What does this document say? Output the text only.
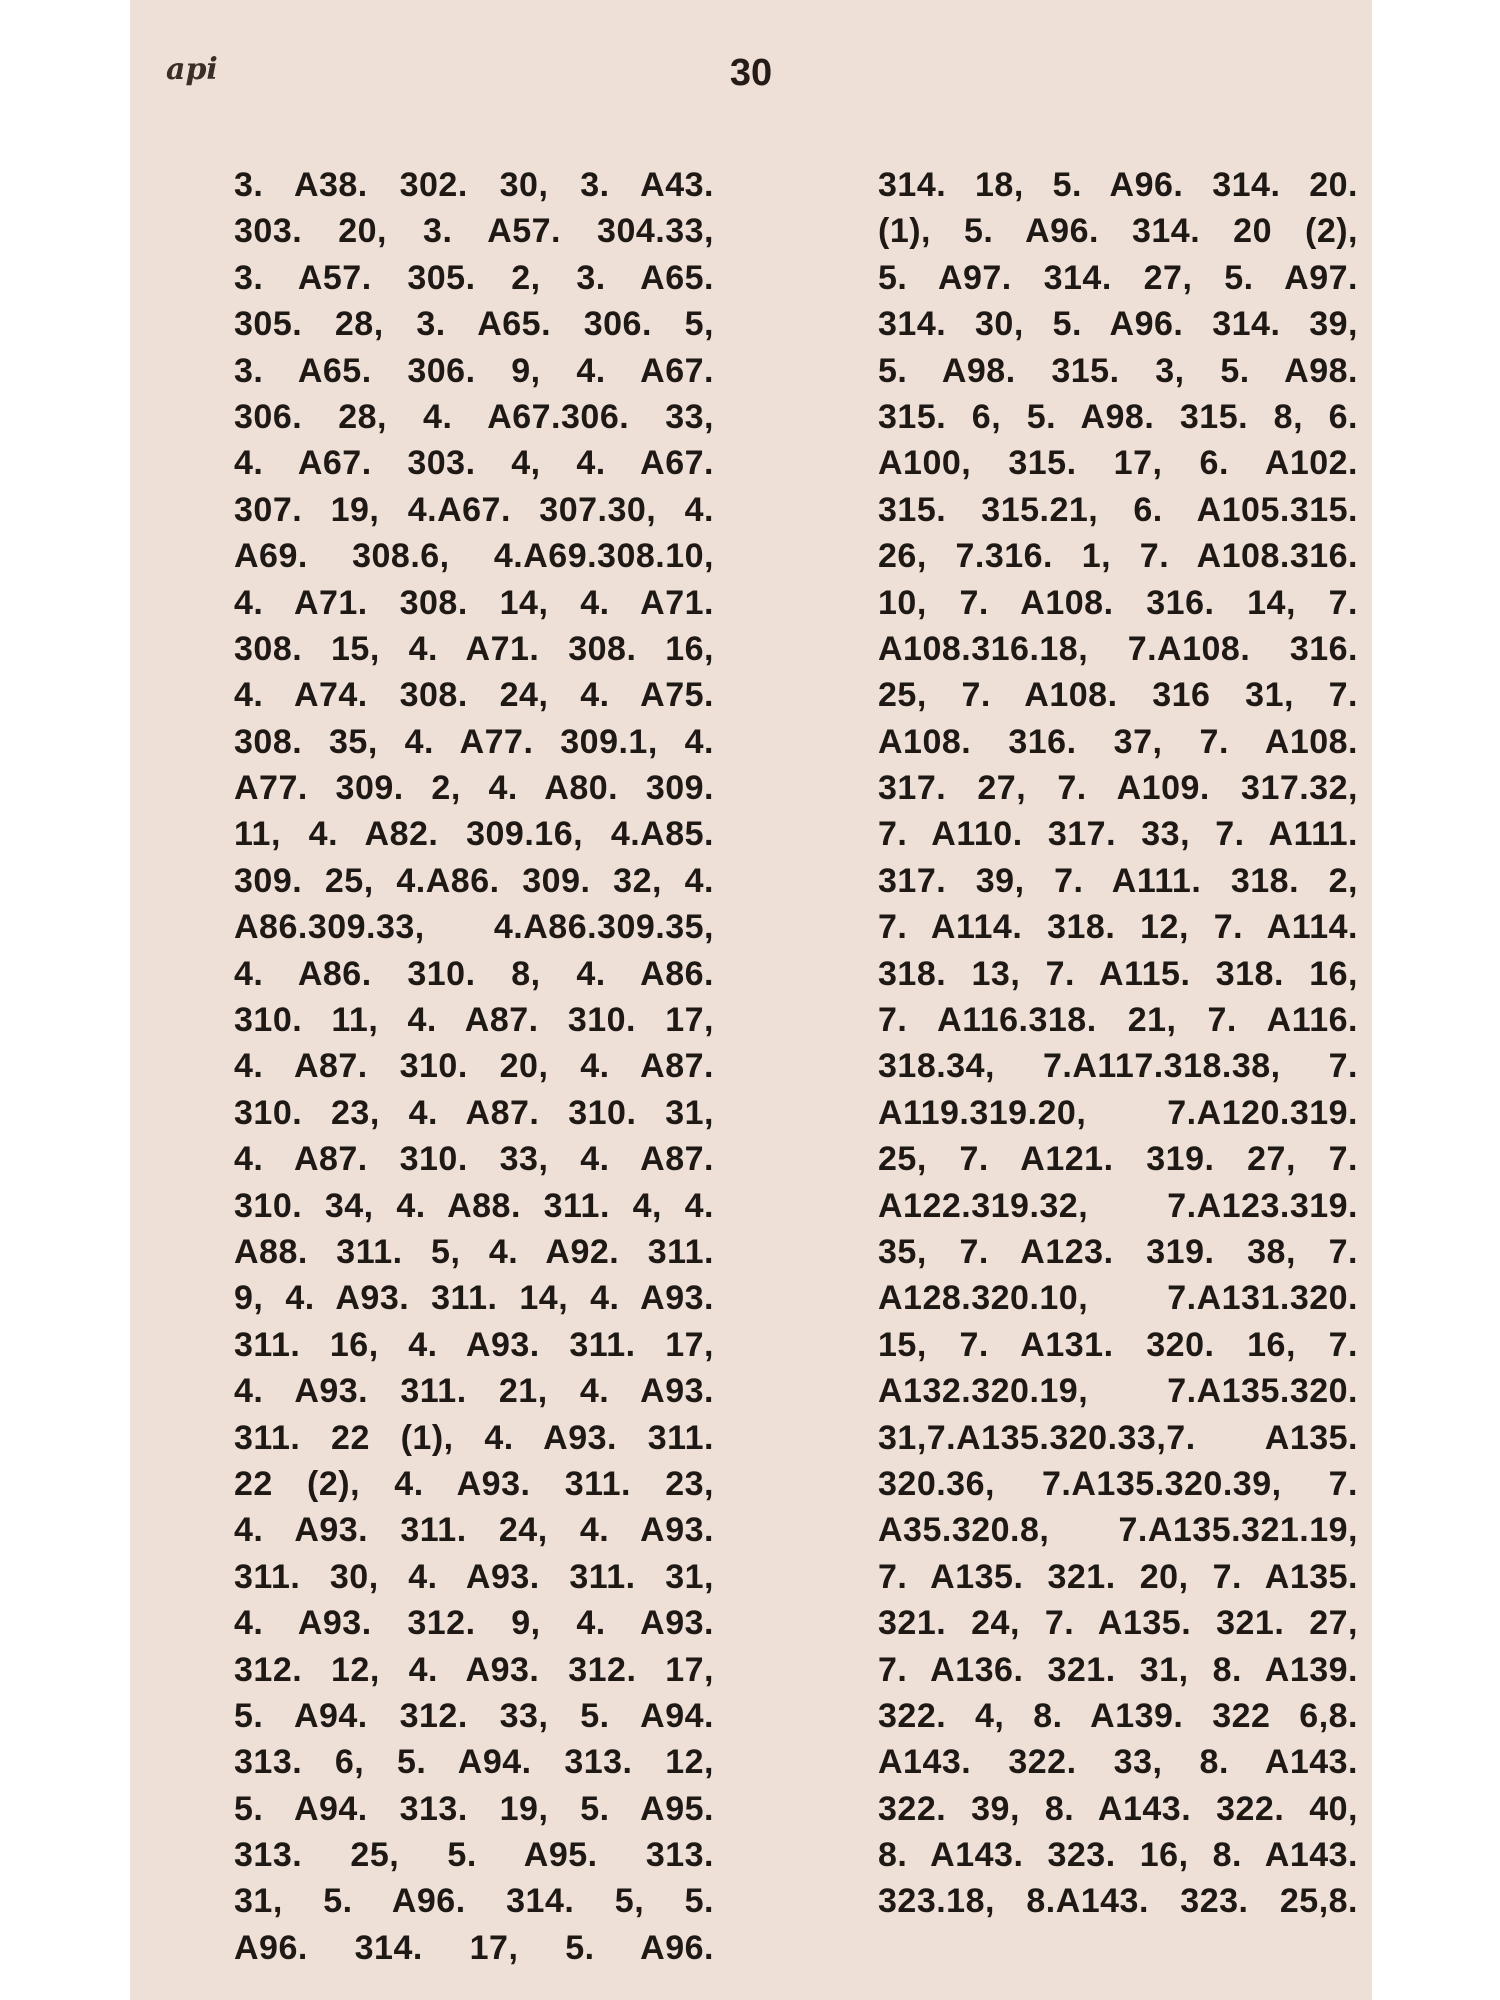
api	30
3. A38. 302. 30, 3. A43.
303. 20, 3. A57. 304.33,
3. A57. 305. 2, 3. A65.
305. 28, 3. A65. 306. 5,
3. A65. 306. 9, 4. A67.
306. 28, 4. A67.306. 33,
4. A67. 303. 4, 4. A67.
307. 19, 4.A67. 307.30, 4.
A69. 308.6, 4.A69.308.10,
4. A71. 308. 14, 4. A71.
308. 15, 4. A71. 308. 16,
4. A74. 308. 24, 4. A75.
308. 35, 4. A77. 309.1, 4.
A77. 309. 2, 4. A80. 309.
11, 4. A82. 309.16, 4.A85.
309. 25, 4.A86. 309. 32, 4.
A86.309.33, 4.A86.309.35,
4. A86. 310. 8, 4. A86.
310. 11, 4. A87. 310. 17,
4. A87. 310. 20, 4. A87.
310. 23, 4. A87. 310. 31,
4. A87. 310. 33, 4. A87.
310. 34, 4. A88. 311. 4, 4.
A88. 311. 5, 4. A92. 311.
9, 4. A93. 311. 14, 4. A93.
311. 16, 4. A93. 311. 17,
4. A93. 311. 21, 4. A93.
311. 22 (1), 4. A93. 311.
22 (2), 4. A93. 311. 23,
4. A93. 311. 24, 4. A93.
311. 30, 4. A93. 311. 31,
4. A93. 312. 9, 4. A93.
312. 12, 4. A93. 312. 17,
5. A94. 312. 33, 5. A94.
313. 6, 5. A94. 313. 12,
5. A94. 313. 19, 5. A95.
313. 25, 5. A95. 313.
31, 5. A96. 314. 5, 5.
A96. 314. 17, 5. A96.
314. 18, 5. A96. 314. 20.
(1), 5. A96. 314. 20 (2),
5. A97. 314. 27, 5. A97.
314. 30, 5. A96. 314. 39,
5. A98. 315. 3, 5. A98.
315. 6, 5. A98. 315. 8, 6.
A100, 315. 17, 6. A102.
315. 315.21, 6. A105.315.
26, 7.316. 1, 7. A108.316.
10, 7. A108. 316. 14, 7.
A108.316.18, 7.A108. 316.
25, 7. A108. 316 31, 7.
A108. 316. 37, 7. A108.
317. 27, 7. A109. 317.32,
7. A110. 317. 33, 7. A111.
317. 39, 7. A111. 318. 2,
7. A114. 318. 12, 7. A114.
318. 13, 7. A115. 318. 16,
7. A116.318. 21, 7. A116.
318.34, 7.A117.318.38, 7.
A119.319.20, 7.A120.319.
25, 7. A121. 319. 27, 7.
A122.319.32, 7.A123.319.
35, 7. A123. 319. 38, 7.
A128.320.10, 7.A131.320.
15, 7. A131. 320. 16, 7.
A132.320.19, 7.A135.320.
31,7.A135.320.33,7. A135.
320.36, 7.A135.320.39, 7.
A35.320.8, 7.A135.321.19,
7. A135. 321. 20, 7. A135.
321. 24, 7. A135. 321. 27,
7. A136. 321. 31, 8. A139.
322. 4, 8. A139. 322 6,8.
A143. 322. 33, 8. A143.
322. 39, 8. A143. 322. 40,
8. A143. 323. 16, 8. A143.
323.18, 8.A143. 323. 25,8.
